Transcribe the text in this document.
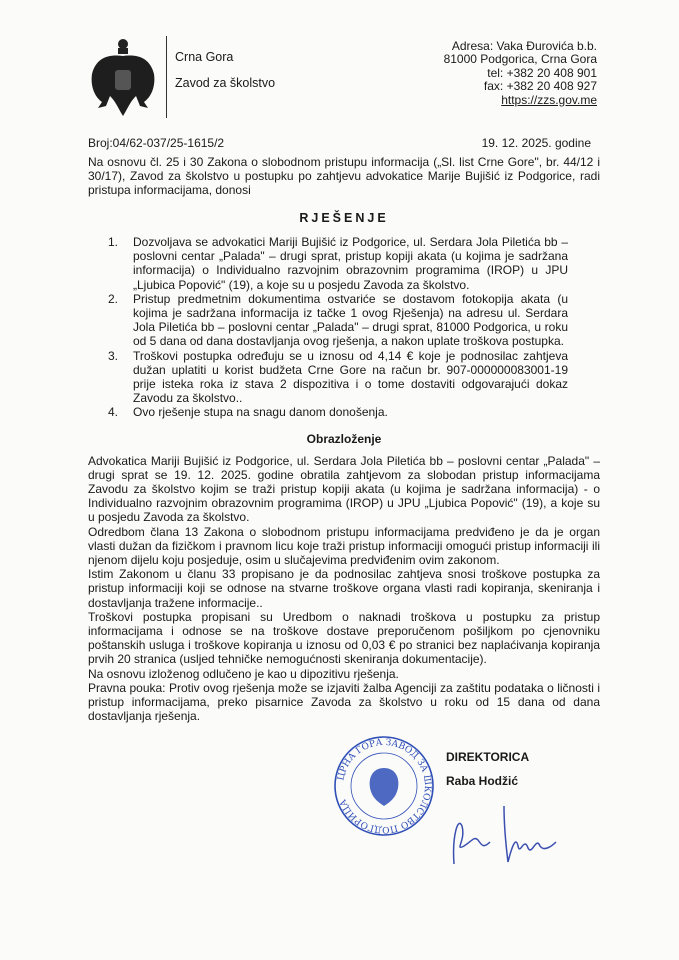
Crna Gora
Zavod za školstvo
Adresa: Vaka Đurovića b.b.
81000 Podgorica, Crna Gora
tel: +382 20 408 901
fax: +382 20 408 927
https://zzs.gov.me
Broj:04/62-037/25-1615/2	19. 12. 2025. godine

Na osnovu čl. 25 i 30 Zakona o slobodnom pristupu informacija („Sl. list Crne Gore", br. 44/12 i 30/17), Zavod za školstvo u postupku po zahtjevu advokatice Marije Bujišić iz Podgorice, radi pristupa informacijama, donosi

RJEŠENJE
1. Dozvoljava se advokatici Mariji Bujišić iz Podgorice, ul. Serdara Jola Piletića bb – poslovni centar „Palada" – drugi sprat, pristup kopiji akata (u kojima je sadržana informacija) o Individualno razvojnim obrazovnim programima (IROP) u JPU „Ljubica Popović" (19), a koje su u posjedu Zavoda za školstvo.
2. Pristup predmetnim dokumentima ostvariće se dostavom fotokopija akata (u kojima je sadržana informacija iz tačke 1 ovog Rješenja) na adresu ul. Serdara Jola Piletića bb – poslovni centar „Palada" – drugi sprat, 81000 Podgorica, u roku od 5 dana od dana dostavljanja ovog rješenja, a nakon uplate troškova postupka.
3. Troškovi postupka određuju se u iznosu od 4,14 € koje je podnosilac zahtjeva dužan uplatiti u korist budžeta Crne Gore na račun br. 907-000000083001-19 prije isteka roka iz stava 2 dispozitiva i o tome dostaviti odgovarajući dokaz Zavodu za školstvo..
4. Ovo rješenje stupa na snagu danom donošenja.
Obrazloženje

Advokatica Mariji Bujišić iz Podgorice, ul. Serdara Jola Piletića bb – poslovni centar „Palada" – drugi sprat se 19. 12. 2025. godine obratila zahtjevom za slobodan pristup informacijama Zavodu za školstvo kojim se traži pristup kopiji akata (u kojima je sadržana informacija) - o Individualno razvojnim obrazovnim programima (IROP) u JPU „Ljubica Popović" (19), a koje su u posjedu Zavoda za školstvo.

Odredbom člana 13 Zakona o slobodnom pristupu informacijama predviđeno je da je organ vlasti dužan da fizičkom i pravnom licu koje traži pristup informaciji omogući pristup informaciji ili njenom dijelu koju posjeduje, osim u slučajevima predviđenim ovim zakonom.

Istim Zakonom u članu 33 propisano je da podnosilac zahtjeva snosi troškove postupka za pristup informaciji koji se odnose na stvarne troškove organa vlasti radi kopiranja, skeniranja i dostavljanja tražene informacije..

Troškovi postupka propisani su Uredbom o naknadi troškova u postupku za pristup informacijama i odnose se na troškove dostave preporučenom pošiljkom po cjenovniku poštanskih usluga i troškove kopiranja u iznosu od 0,03 € po stranici bez naplaćivanja kopiranja prvih 20 stranica (usljed tehničke nemogućnosti skeniranja dokumentacije).

Na osnovu izloženog odlučeno je kao u dipozitivu rješenja.

Pravna pouka: Protiv ovog rješenja može se izjaviti žalba Agenciji za zaštitu podataka o ličnosti i pristup informacijama, preko pisarnice Zavoda za školstvo u roku od 15 dana od dana dostavljanja rješenja.

ЦРНА ГОРА ЗАВОД ЗА ШКОЛСТВО ПОДГОРИЦА
DIREKTORICA
Raba Hodžić
